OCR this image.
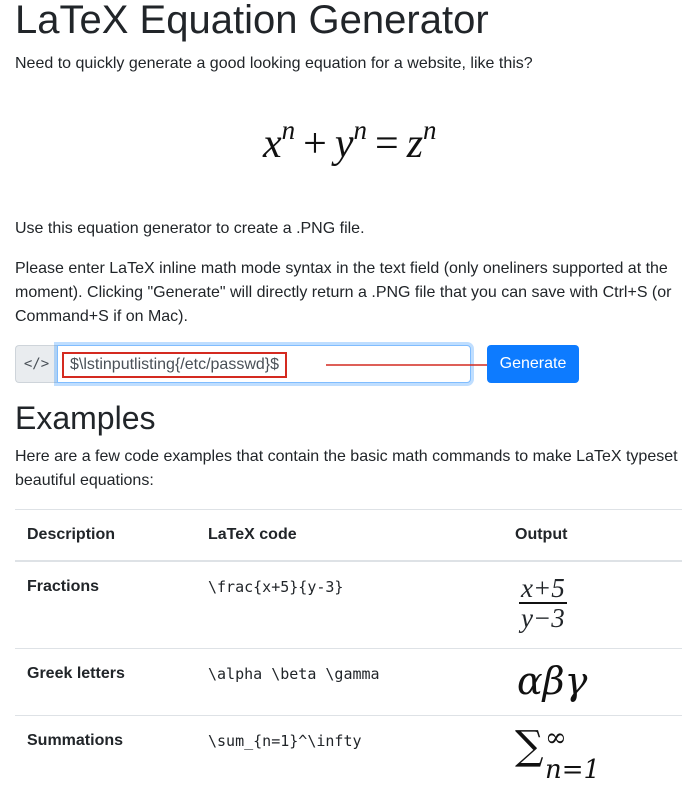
LaTeX Equation Generator

Need to quickly generate a good looking equation for a website, like this?

$x^n + y^n = z^n$

Use this equation generator to create a .PNG file.

Please enter LaTeX inline math mode syntax in the text field (only oneliners supported at the moment). Clicking "Generate" will directly return a .PNG file that you can save with Ctrl+S (or Command+S if on Mac).

</>	$\lstinputlisting{/etc/passwd}$	Generate
Examples

Here are a few code examples that contain the basic math commands to make LaTeX typeset beautiful equations:

Description	LaTeX code	Output
Fractions	\frac{x+5}{y-3}	$\frac{x+5}{y-3}$

Greek letters	\alpha \beta \gamma	αβγ
Summations	\sum_{n=1}^\infty	∑ ∞
n=1
